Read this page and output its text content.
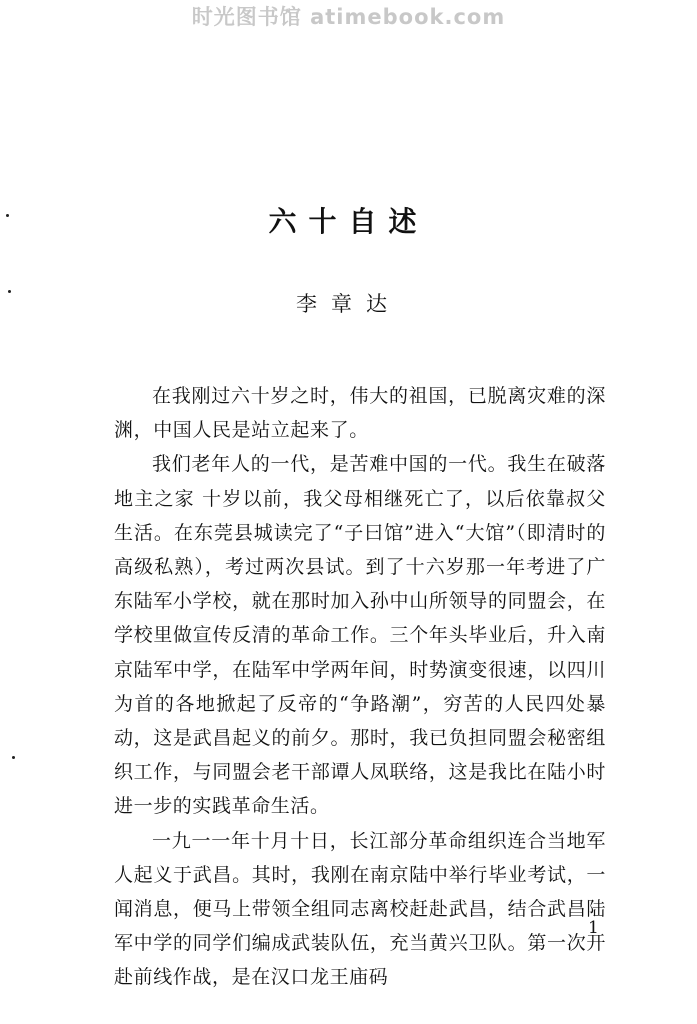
时光图书馆 atimebook.com
六十自述
李章达

在我刚过六十岁之时，伟大的祖国，已脱离灾难的深渊，中国人民是站立起来了。

我们老年人的一代，是苦难中国的一代。我生在破落地主之家 十岁以前，我父母相继死亡了，以后依靠叔父生活。在东莞县城读完了“子曰馆”进入“大馆”（即清时的高级私熟），考过两次县试。到了十六岁那一年考进了广东陆军小学校，就在那时加入孙中山所领导的同盟会，在学校里做宣传反清的革命工作。三个年头毕业后，升入南京陆军中学，在陆军中学两年间，时势演变很速，以四川为首的各地掀起了反帝的“争路潮”，穷苦的人民四处暴动，这是武昌起义的前夕。那时，我已负担同盟会秘密组织工作，与同盟会老干部谭人凤联络，这是我比在陆小时进一步的实践革命生活。

一九一一年十月十日，长江部分革命组织连合当地军人起义于武昌。其时，我刚在南京陆中举行毕业考试，一闻消息，便马上带领全组同志离校赶赴武昌，结合武昌陆军中学的同学们编成武装队伍，充当黄兴卫队。第一次开赴前线作战，是在汉口龙王庙码

1
